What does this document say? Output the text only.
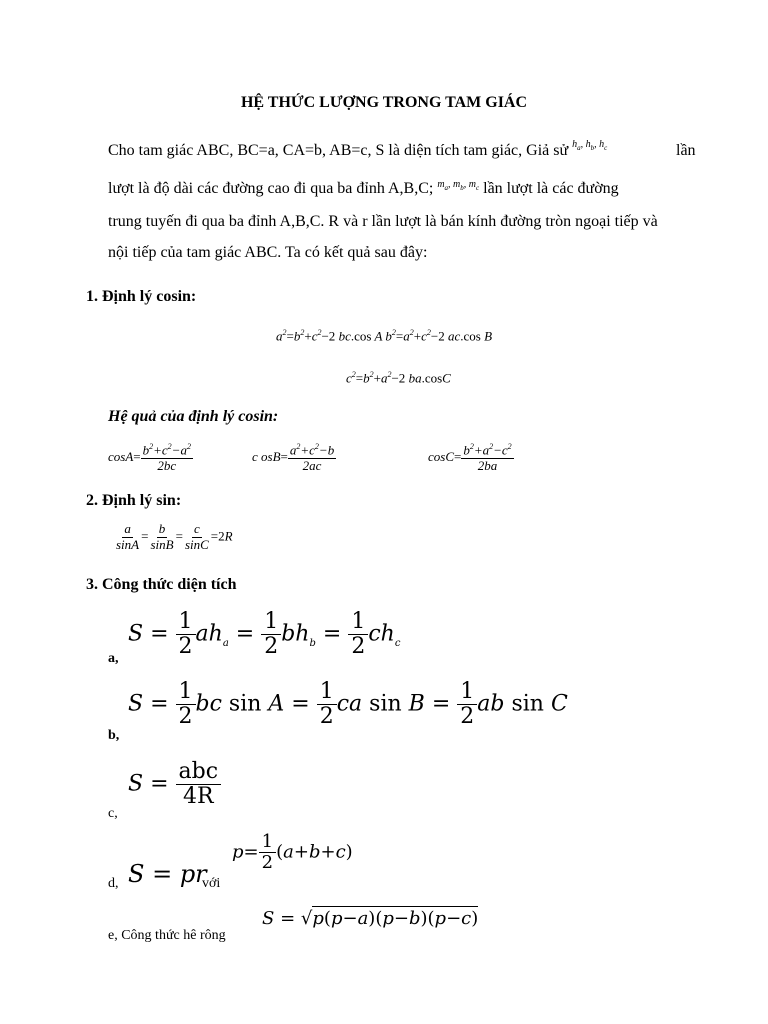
HỆ THỨC LƯỢNG TRONG TAM GIÁC
Cho tam giác ABC, BC=a, CA=b, AB=c, S là diện tích tam giác, Giả sử $^{h_a, h_b, h_c}$	lần
lượt là độ dài các đường cao đi qua ba đỉnh A,B,C; $^{m_a, m_b, m_c}$ lần lượt là các đường
trung tuyến đi qua ba đỉnh A,B,C. R và r lần lượt là bán kính đường tròn ngoại tiếp và
nội tiếp của tam giác ABC. Ta có kết quả sau đây:
1. Định lý cosin:
$a^2=b^2+c^2-2$ bc.cos A $b^2=a^2+c^2-2$ ac.cos B
$c^2=b^2+a^2-2$ ba.cosC
Hệ quả của định lý cosin:
$\cos A= \frac{b^2+c^2-a^2}{2bc}$	c $osB= \frac{a^2+c^2-b}{2ac}$	$\cos C= \frac{b^2+a^2-c^2}{2ba}$
2. Định lý sin:
$\frac{a}{\sin A} = \frac{b}{\sin B} = \frac{c}{\sin C} =2R$
3. Công thức diện tích
$S = \frac{1}{2} ah_a = \frac{1}{2} bh_b = \frac{1}{2} ch_c$
a,
$S = \frac{1}{2}$ bc $\sin A = \frac{1}{2}$ ca $\sin B = \frac{1}{2}$ ab sin C
b,
$S = \frac{\text{abc}}{4R}$
c,
d, S = pr
với
$p= \frac{1}{2} (a+b+c)$
e, Công thức hê rông
S = √p(p−a)(p−b)(p−c)
